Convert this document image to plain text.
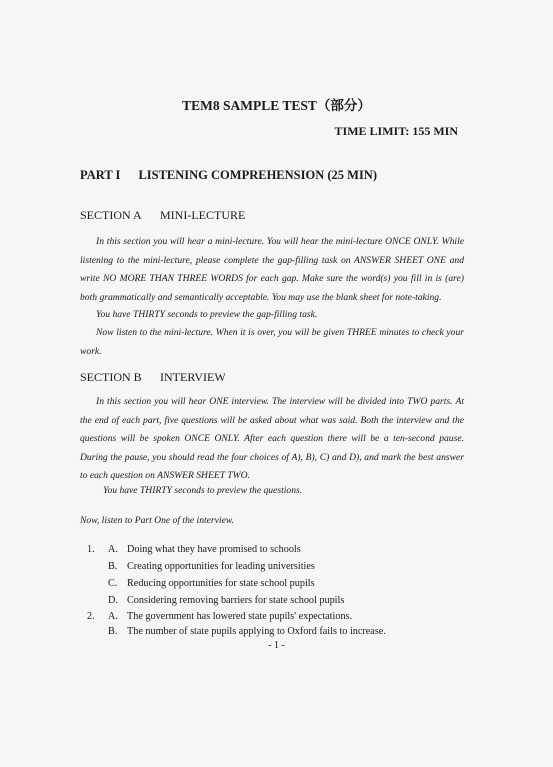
TEM8 SAMPLE TEST（部分）
TIME LIMIT: 155 MIN
PART I LISTENING COMPREHENSION (25 MIN)
SECTION A MINI-LECTURE

In this section you will hear a mini-lecture. You will hear the mini-lecture ONCE ONLY. While listening to the mini-lecture, please complete the gap-filling task on ANSWER SHEET ONE and write NO MORE THAN THREE WORDS for each gap. Make sure the word(s) you fill in is (are) both grammatically and semantically acceptable. You may use the blank sheet for note-taking.

You have THIRTY seconds to preview the gap-filling task.

Now listen to the mini-lecture. When it is over, you will be given THREE minutes to check your work.

SECTION B INTERVIEW

In this section you will hear ONE interview. The interview will be divided into TWO parts. At the end of each part, five questions will be asked about what was said. Both the interview and the questions will be spoken ONCE ONLY. After each question there will be a ten-second pause. During the pause, you should read the four choices of A), B), C) and D), and mark the best answer to each question on ANSWER SHEET TWO.

You have THIRTY seconds to preview the questions.
Now, listen to Part One of the interview.
1. A. Doing what they have promised to schools
B. Creating opportunities for leading universities
C. Reducing opportunities for state school pupils
D. Considering removing barriers for state school pupils
2. A. The government has lowered state pupils' expectations.
B. The number of state pupils applying to Oxford fails to increase.
- 1 -
